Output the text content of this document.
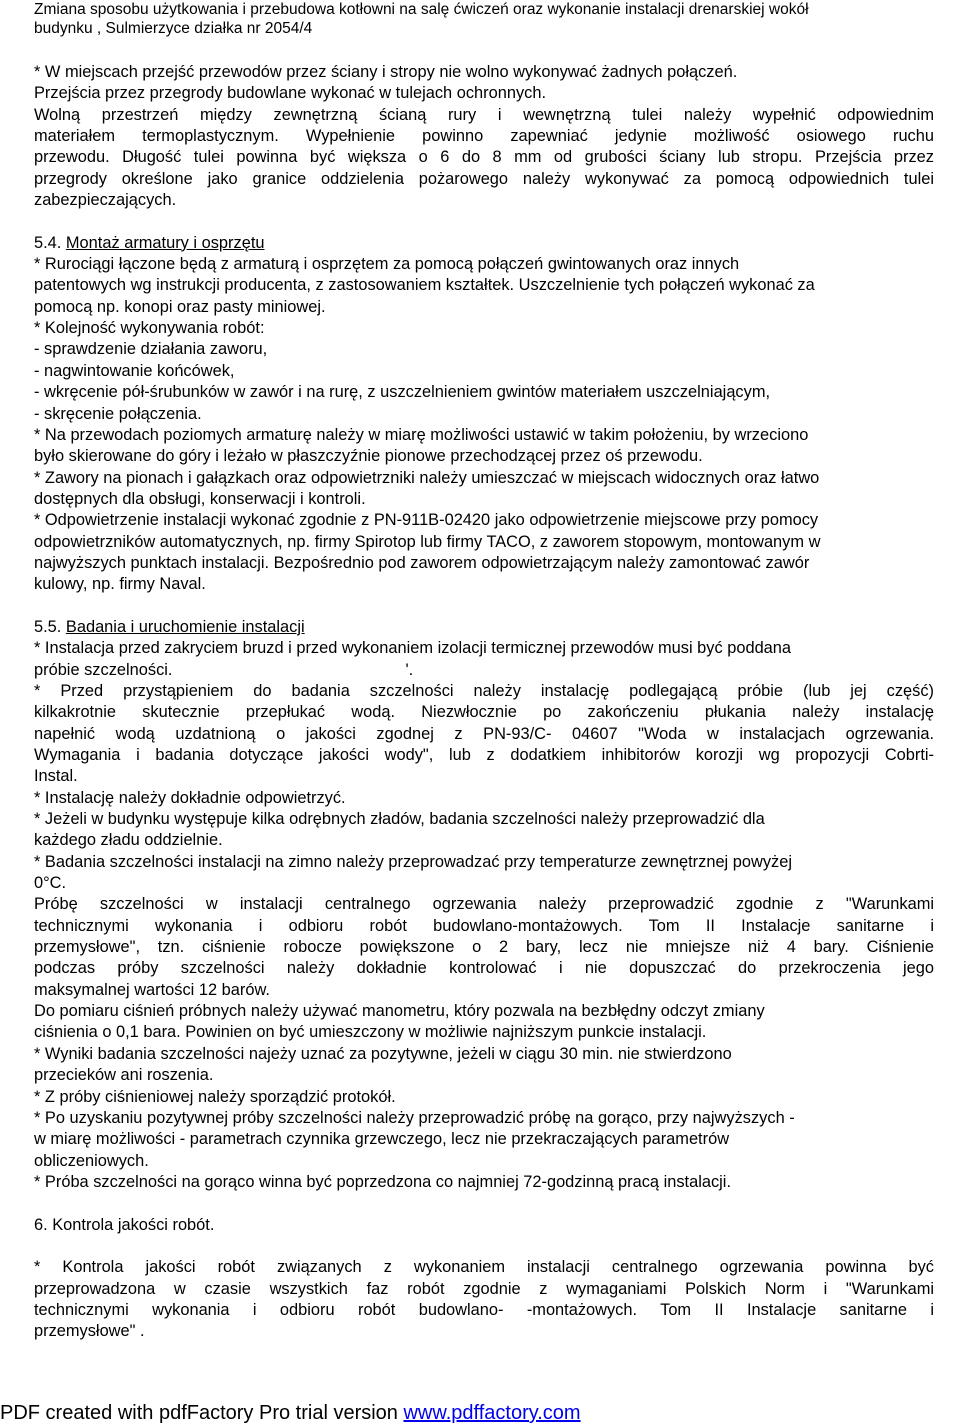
Zmiana sposobu użytkowania i przebudowa kotłowni na salę ćwiczeń oraz wykonanie instalacji drenarskiej wokół
budynku , Sulmierzyce działka nr 2054/4
* W miejscach przejść przewodów przez ściany i stropy nie wolno wykonywać żadnych połączeń.
Przejścia przez przegrody budowlane wykonać w tulejach ochronnych.
Wolną przestrzeń między zewnętrzną ścianą rury i wewnętrzną tulei należy wypełnić odpowiednim
materiałem termoplastycznym. Wypełnienie powinno zapewniać jedynie możliwość osiowego ruchu
przewodu. Długość tulei powinna być większa o 6 do 8 mm od grubości ściany lub stropu. Przejścia przez
przegrody określone jako granice oddzielenia pożarowego należy wykonywać za pomocą odpowiednich tulei
zabezpieczających.
5.4. Montaż armatury i osprzętu
* Rurociągi łączone będą z armaturą i osprzętem za pomocą połączeń gwintowanych oraz innych
patentowych wg instrukcji producenta, z zastosowaniem kształtek. Uszczelnienie tych połączeń wykonać za
pomocą np. konopi oraz pasty miniowej.
* Kolejność wykonywania robót:
- sprawdzenie działania zaworu,
- nagwintowanie końcówek,
- wkręcenie pół-śrubunków w zawór i na rurę, z uszczelnieniem gwintów materiałem uszczelniającym,
- skręcenie połączenia.
* Na przewodach poziomych armaturę należy w miarę możliwości ustawić w takim położeniu, by wrzeciono
było skierowane do góry i leżało w płaszczyźnie pionowe przechodzącej przez oś przewodu.
* Zawory na pionach i gałązkach oraz odpowietrzniki należy umieszczać w miejscach widocznych oraz łatwo
dostępnych dla obsługi, konserwacji i kontroli.
* Odpowietrzenie instalacji wykonać zgodnie z PN-911B-02420 jako odpowietrzenie miejscowe przy pomocy
odpowietrzników automatycznych, np. firmy Spirotop lub firmy TACO, z zaworem stopowym, montowanym w
najwyższych punktach instalacji. Bezpośrednio pod zaworem odpowietrzającym należy zamontować zawór
kulowy, np. firmy Naval.
5.5. Badania i uruchomienie instalacji
* Instalacja przed zakryciem bruzd i przed wykonaniem izolacji termicznej przewodów musi być poddana
próbie szczelności.	'.
* Przed przystąpieniem do badania szczelności należy instalację podlegającą próbie (lub jej część)
kilkakrotnie skutecznie przepłukać wodą. Niezwłocznie po zakończeniu płukania należy instalację
napełnić wodą uzdatnioną o jakości zgodnej z PN-93/C- 04607 "Woda w instalacjach ogrzewania.
Wymagania i badania dotyczące jakości wody", lub z dodatkiem inhibitorów korozji wg propozycji Cobrti-
Instal.
* Instalację należy dokładnie odpowietrzyć.
* Jeżeli w budynku występuje kilka odrębnych zładów, badania szczelności należy przeprowadzić dla
każdego zładu oddzielnie.
* Badania szczelności instalacji na zimno należy przeprowadzać przy temperaturze zewnętrznej powyżej
0°C.
Próbę szczelności w instalacji centralnego ogrzewania należy przeprowadzić zgodnie z "Warunkami
technicznymi wykonania i odbioru robót budowlano-montażowych. Tom II Instalacje sanitarne i
przemysłowe", tzn. ciśnienie robocze powiększone o 2 bary, lecz nie mniejsze niż 4 bary. Ciśnienie
podczas próby szczelności należy dokładnie kontrolować i nie dopuszczać do przekroczenia jego
maksymalnej wartości 12 barów.
Do pomiaru ciśnień próbnych należy używać manometru, który pozwala na bezbłędny odczyt zmiany
ciśnienia o 0,1 bara. Powinien on być umieszczony w możliwie najniższym punkcie instalacji.
* Wyniki badania szczelności najeży uznać za pozytywne, jeżeli w ciągu 30 min. nie stwierdzono
przecieków ani roszenia.
* Z próby ciśnieniowej należy sporządzić protokół.
* Po uzyskaniu pozytywnej próby szczelności należy przeprowadzić próbę na gorąco, przy najwyższych -
w miarę możliwości - parametrach czynnika grzewczego, lecz nie przekraczających parametrów
obliczeniowych.
* Próba szczelności na gorąco winna być poprzedzona co najmniej 72-godzinną pracą instalacji.
6. Kontrola jakości robót.
* Kontrola jakości robót związanych z wykonaniem instalacji centralnego ogrzewania powinna być
przeprowadzona w czasie wszystkich faz robót zgodnie z wymaganiami Polskich Norm i "Warunkami
technicznymi wykonania i odbioru robót budowlano- -montażowych. Tom II Instalacje sanitarne i
przemysłowe" .
PDF created with pdfFactory Pro trial version www.pdffactory.com
